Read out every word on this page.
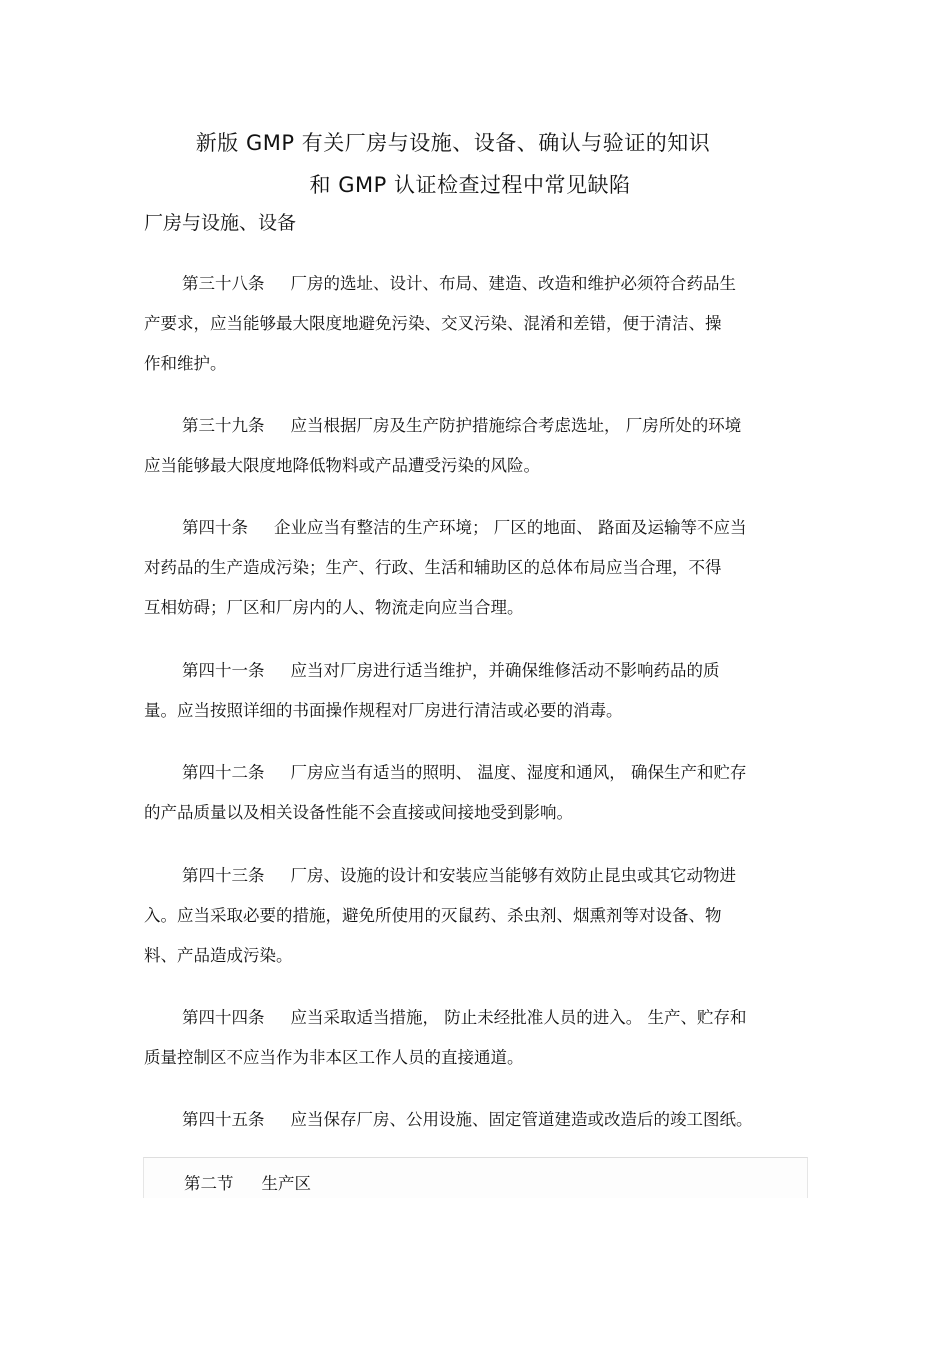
新版 GMP 有关厂房与设施、设备、确认与验证的知识
和 GMP 认证检查过程中常见缺陷
厂房与设施、设备
第三十八条 厂房的选址、设计、布局、建造、改造和维护必须符合药品生
产要求，应当能够最大限度地避免污染、交叉污染、混淆和差错，便于清洁、操
作和维护。
第三十九条 应当根据厂房及生产防护措施综合考虑选址， 厂房所处的环境
应当能够最大限度地降低物料或产品遭受污染的风险。
第四十条 企业应当有整洁的生产环境； 厂区的地面、 路面及运输等不应当
对药品的生产造成污染；生产、行政、生活和辅助区的总体布局应当合理，不得
互相妨碍；厂区和厂房内的人、物流走向应当合理。
第四十一条 应当对厂房进行适当维护，并确保维修活动不影响药品的质
量。应当按照详细的书面操作规程对厂房进行清洁或必要的消毒。
第四十二条 厂房应当有适当的照明、 温度、湿度和通风， 确保生产和贮存
的产品质量以及相关设备性能不会直接或间接地受到影响。
第四十三条 厂房、设施的设计和安装应当能够有效防止昆虫或其它动物进
入。应当采取必要的措施，避免所使用的灭鼠药、杀虫剂、烟熏剂等对设备、物
料、产品造成污染。
第四十四条 应当采取适当措施， 防止未经批准人员的进入。 生产、贮存和
质量控制区不应当作为非本区工作人员的直接通道。
第四十五条 应当保存厂房、公用设施、固定管道建造或改造后的竣工图纸。
第二节 生产区
